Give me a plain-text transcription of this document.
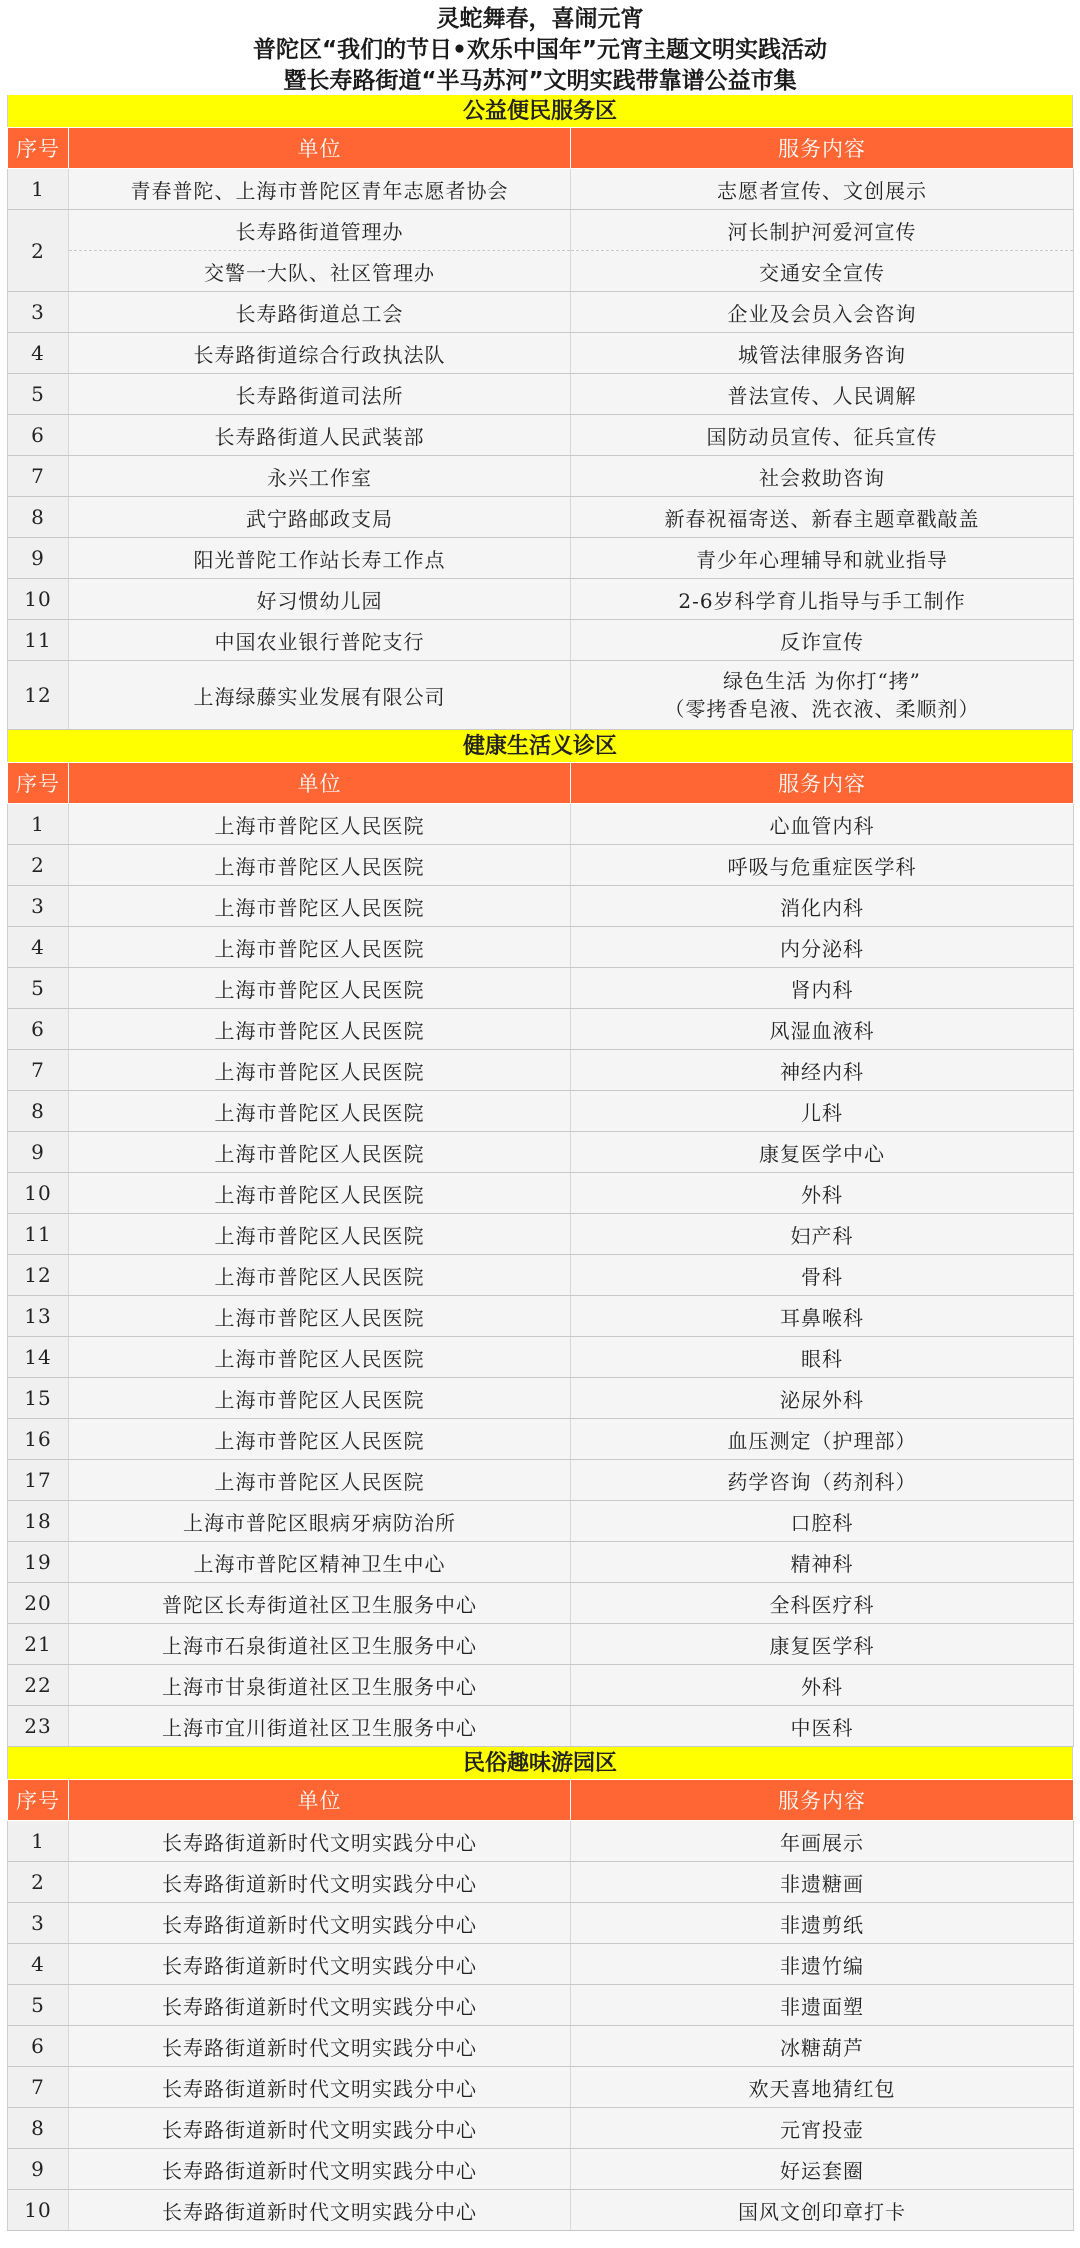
灵蛇舞春，喜闹元宵
普陀区“我们的节日•欢乐中国年”元宵主题文明实践活动
暨长寿路街道“半马苏河”文明实践带靠谱公益市集
公益便民服务区
序号	单位	服务内容
1	青春普陀、上海市普陀区青年志愿者协会	志愿者宣传、文创展示
2	长寿路街道管理办	河长制护河爱河宣传
	交警一大队、社区管理办	交通安全宣传
3	长寿路街道总工会	企业及会员入会咨询
4	长寿路街道综合行政执法队	城管法律服务咨询
5	长寿路街道司法所	普法宣传、人民调解
6	长寿路街道人民武装部	国防动员宣传、征兵宣传
7	永兴工作室	社会救助咨询
8	武宁路邮政支局	新春祝福寄送、新春主题章戳敲盖
9	阳光普陀工作站长寿工作点	青少年心理辅导和就业指导
10	好习惯幼儿园	2-6岁科学育儿指导与手工制作
11	中国农业银行普陀支行	反诈宣传
12	上海绿藤实业发展有限公司	绿色生活 为你打“拷”
（零拷香皂液、洗衣液、柔顺剂）
健康生活义诊区
序号	单位	服务内容
1	上海市普陀区人民医院	心血管内科
2	上海市普陀区人民医院	呼吸与危重症医学科
3	上海市普陀区人民医院	消化内科
4	上海市普陀区人民医院	内分泌科
5	上海市普陀区人民医院	肾内科
6	上海市普陀区人民医院	风湿血液科
7	上海市普陀区人民医院	神经内科
8	上海市普陀区人民医院	儿科
9	上海市普陀区人民医院	康复医学中心
10	上海市普陀区人民医院	外科
11	上海市普陀区人民医院	妇产科
12	上海市普陀区人民医院	骨科
13	上海市普陀区人民医院	耳鼻喉科
14	上海市普陀区人民医院	眼科
15	上海市普陀区人民医院	泌尿外科
16	上海市普陀区人民医院	血压测定（护理部）
17	上海市普陀区人民医院	药学咨询（药剂科）
18	上海市普陀区眼病牙病防治所	口腔科
19	上海市普陀区精神卫生中心	精神科
20	普陀区长寿街道社区卫生服务中心	全科医疗科
21	上海市石泉街道社区卫生服务中心	康复医学科
22	上海市甘泉街道社区卫生服务中心	外科
23	上海市宜川街道社区卫生服务中心	中医科
民俗趣味游园区
序号	单位	服务内容
1	长寿路街道新时代文明实践分中心	年画展示
2	长寿路街道新时代文明实践分中心	非遗糖画
3	长寿路街道新时代文明实践分中心	非遗剪纸
4	长寿路街道新时代文明实践分中心	非遗竹编
5	长寿路街道新时代文明实践分中心	非遗面塑
6	长寿路街道新时代文明实践分中心	冰糖葫芦
7	长寿路街道新时代文明实践分中心	欢天喜地猜红包
8	长寿路街道新时代文明实践分中心	元宵投壶
9	长寿路街道新时代文明实践分中心	好运套圈
10	长寿路街道新时代文明实践分中心	国风文创印章打卡
